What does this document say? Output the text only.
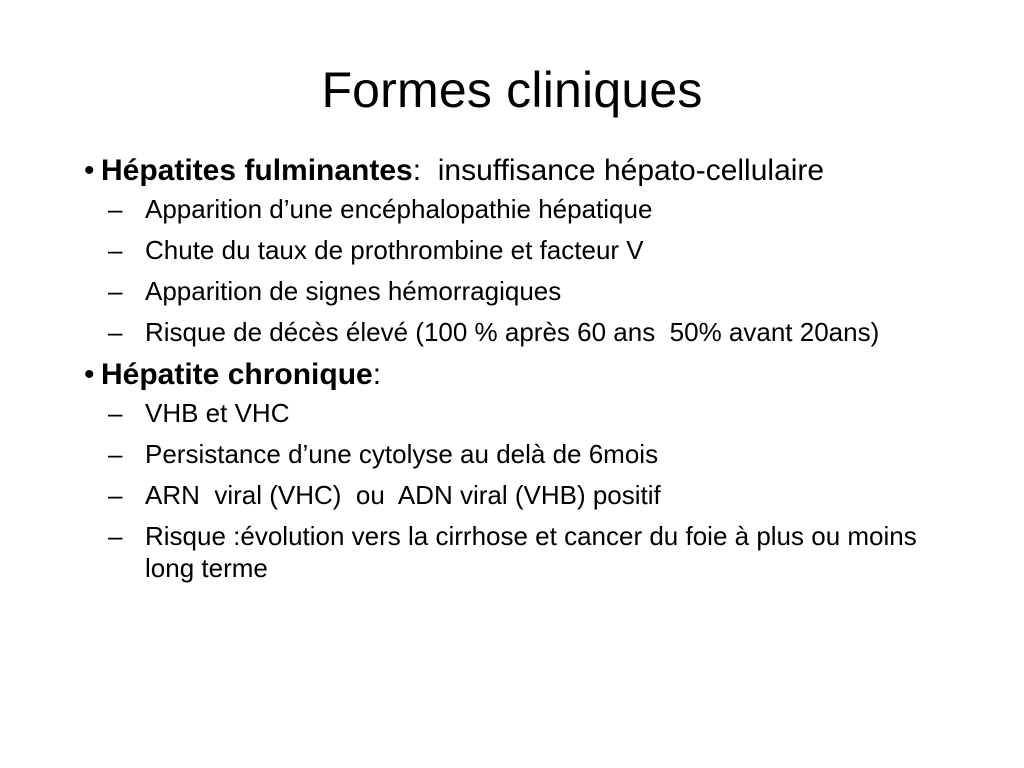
Formes cliniques
• Hépatites fulminantes:  insuffisance hépato-cellulaire
– Apparition d’une encéphalopathie hépatique
– Chute du taux de prothrombine et facteur V
– Apparition de signes hémorragiques
– Risque de décès élevé (100 % après 60 ans  50% avant 20ans)
• Hépatite chronique:
– VHB et VHC
– Persistance d’une cytolyse au delà de 6mois
– ARN  viral (VHC)  ou  ADN viral (VHB) positif
– Risque :évolution vers la cirrhose et cancer du foie à plus ou moins long terme
